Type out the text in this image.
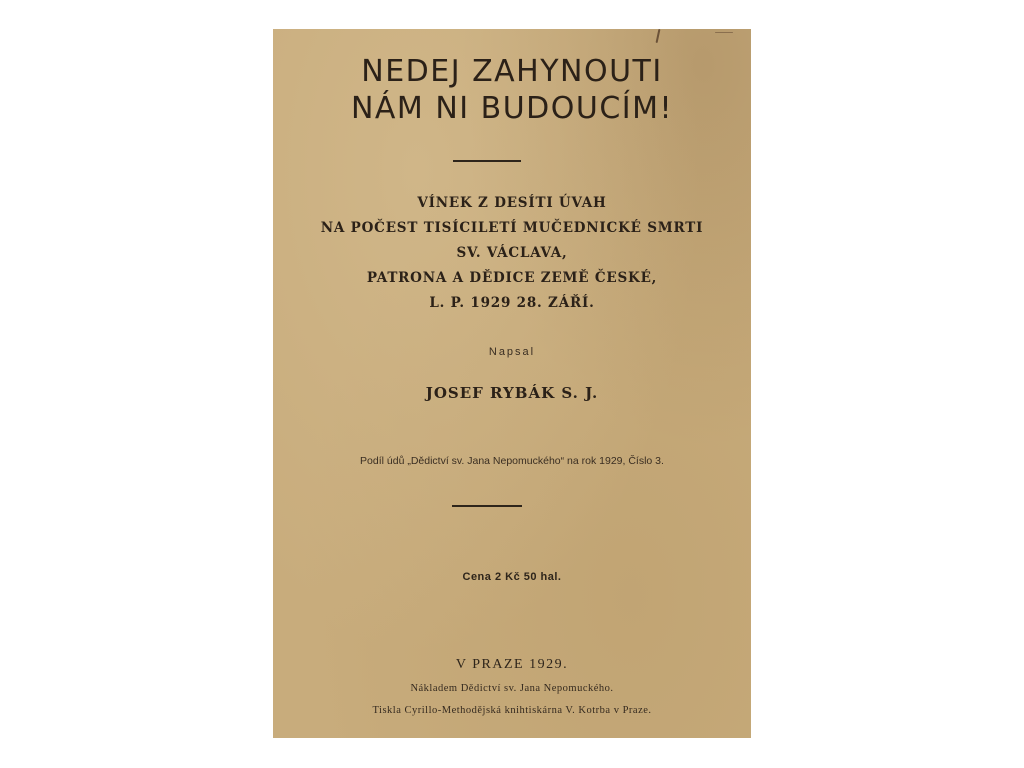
NEDEJ ZAHYNOUTI
NÁM NI BUDOUCÍM!
VÍNEK Z DESÍTI ÚVAH
NA POČEST TISÍCILETÍ MUČEDNICKÉ SMRTI
SV. VÁCLAVA,
PATRONA A DĚDICE ZEMĚ ČESKÉ,
L. P. 1929 28. ZÁŘÍ.
Napsal
JOSEF RYBÁK S. J.
Podíl údů „Dědictví sv. Jana Nepomuckého“ na rok 1929, Číslo 3.
Cena 2 Kč 50 hal.
V PRAZE 1929.
Nákladem Dědictví sv. Jana Nepomuckého.
Tiskla Cyrillo-Methodějská knihtiskárna V. Kotrba v Praze.
